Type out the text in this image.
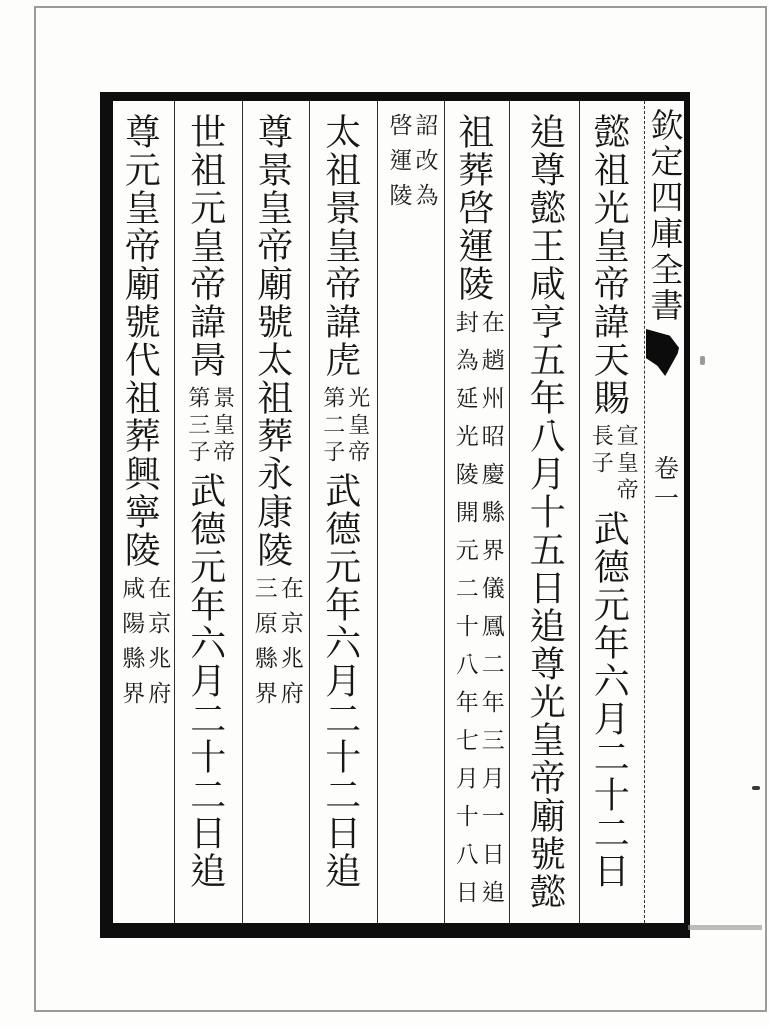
欽定四庫全書 卷一
懿祖光皇帝諱天賜
宣皇帝
長子
武德元年六月二十二日
追尊懿王咸亨五年八月十五日追尊光皇帝廟號懿
祖葬啓運陵
在趙州昭慶縣界儀鳳二年三月一日追
封為延光陵開元二十八年七月十八日
詔改為
啓運陵
太祖景皇帝諱虎
光皇帝
第二子
武德元年六月二十二日追
尊景皇帝廟號太祖葬永康陵
在京兆府
三原縣界
世祖元皇帝諱昺
景皇帝
第三子
武德元年六月二十二日追
尊元皇帝廟號代祖葬興寧陵
在京兆府
咸陽縣界
